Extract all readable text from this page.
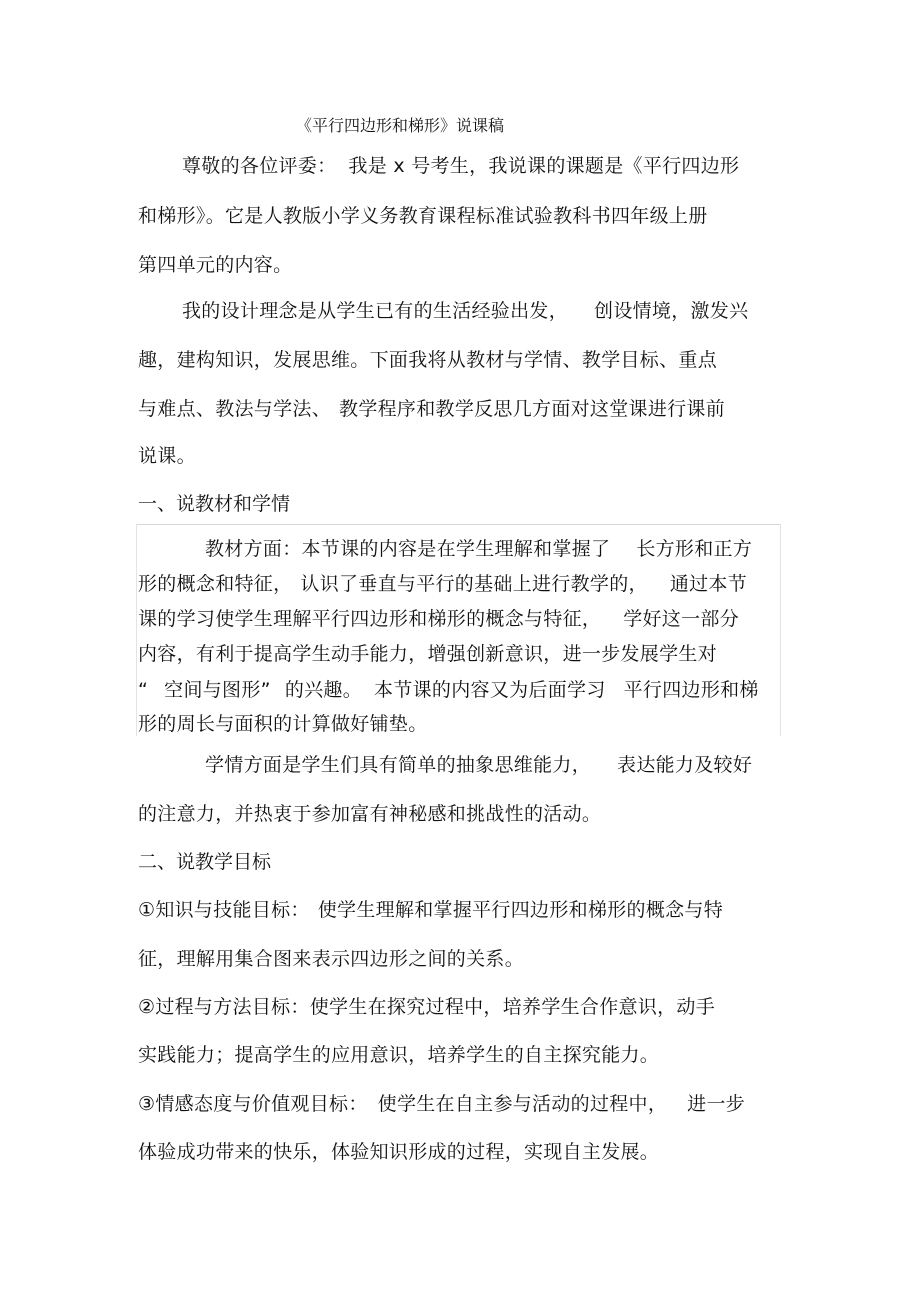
《平行四边形和梯形》说课稿
尊敬的各位评委： 我是 x 号考生，我说课的课题是《平行四边形
和梯形》。它是人教版小学义务教育课程标准试验教科书四年级上册
第四单元的内容。
我的设计理念是从学生已有的生活经验出发， 创设情境，激发兴
趣，建构知识，发展思维。下面我将从教材与学情、教学目标、重点
与难点、教法与学法、 教学程序和教学反思几方面对这堂课进行课前
说课。
一、说教材和学情
教材方面：本节课的内容是在学生理解和掌握了 长方形和正方
形的概念和特征， 认识了垂直与平行的基础上进行教学的， 通过本节
课的学习使学生理解平行四边形和梯形的概念与特征， 学好这一部分
内容，有利于提高学生动手能力，增强创新意识，进一步发展学生对
“ 空间与图形” 的兴趣。 本节课的内容又为后面学习 平行四边形和梯
形的周长与面积的计算做好铺垫。
学情方面是学生们具有简单的抽象思维能力， 表达能力及较好
的注意力，并热衷于参加富有神秘感和挑战性的活动。
二、说教学目标
①知识与技能目标： 使学生理解和掌握平行四边形和梯形的概念与特
征，理解用集合图来表示四边形之间的关系。
②过程与方法目标：使学生在探究过程中，培养学生合作意识，动手
实践能力；提高学生的应用意识，培养学生的自主探究能力。
③情感态度与价值观目标： 使学生在自主参与活动的过程中， 进一步
体验成功带来的快乐，体验知识形成的过程，实现自主发展。
